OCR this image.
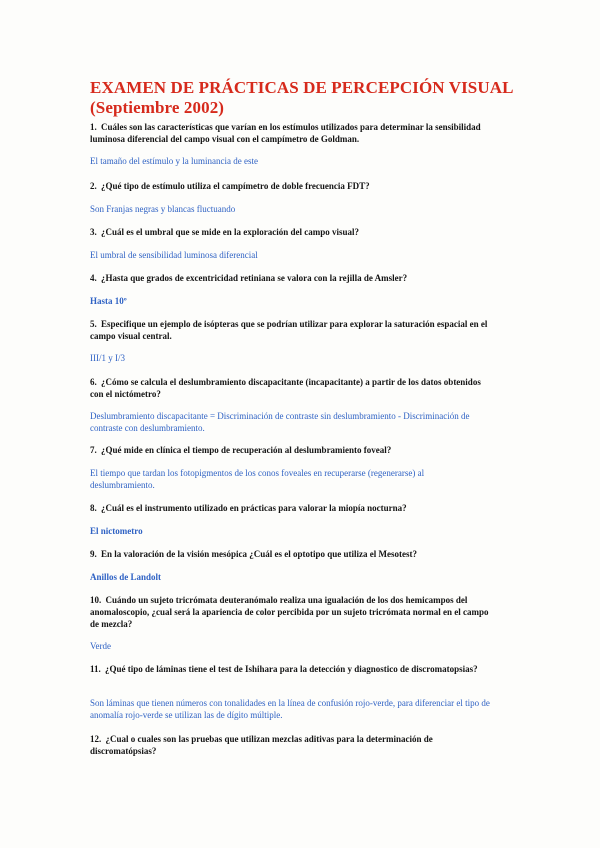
EXAMEN DE PRÁCTICAS DE PERCEPCIÓN VISUAL
(Septiembre 2002)
1. Cuáles son las características que varían en los estímulos utilizados para determinar la sensibilidad luminosa diferencial del campo visual con el campímetro de Goldman.
El tamaño del estímulo y la luminancia de este
2. ¿Qué tipo de estímulo utiliza el campímetro de doble frecuencia FDT?
Son Franjas negras y blancas fluctuando
3. ¿Cuál es el umbral que se mide en la exploración del campo visual?
El umbral de sensibilidad luminosa diferencial
4. ¿Hasta que grados de excentricidad retiniana se valora con la rejilla de Amsler?
Hasta 10º
5. Especifique un ejemplo de isópteras que se podrían utilizar para explorar la saturación espacial en el campo visual central.
III/1 y I/3
6. ¿Cómo se calcula el deslumbramiento discapacitante (incapacitante) a partir de los datos obtenidos con el nictómetro?
Deslumbramiento discapacitante = Discriminación de contraste sin deslumbramiento - Discriminación de contraste con deslumbramiento.
7. ¿Qué mide en clínica el tiempo de recuperación al deslumbramiento foveal?
El tiempo que tardan los fotopigmentos de los conos foveales en recuperarse (regenerarse) al deslumbramiento.
8. ¿Cuál es el instrumento utilizado en prácticas para valorar la miopía nocturna?
El nictometro
9. En la valoración de la visión mesópica ¿Cuál es el optotipo que utiliza el Mesotest?
Anillos de Landolt
10. Cuándo un sujeto tricrómata deuteranómalo realiza una igualación de los dos hemicampos del anomaloscopio, ¿cual será la apariencia de color percibida por un sujeto tricrómata normal en el campo de mezcla?
Verde
11. ¿Qué tipo de láminas tiene el test de Ishihara para la detección y diagnostico de discromatopsias?
Son láminas que tienen números con tonalidades en la línea de confusión rojo-verde, para diferenciar el tipo de anomalía rojo-verde se utilizan las de dígito múltiple.
12. ¿Cual o cuales son las pruebas que utilizan mezclas aditivas para la determinación de discromatópsias?
